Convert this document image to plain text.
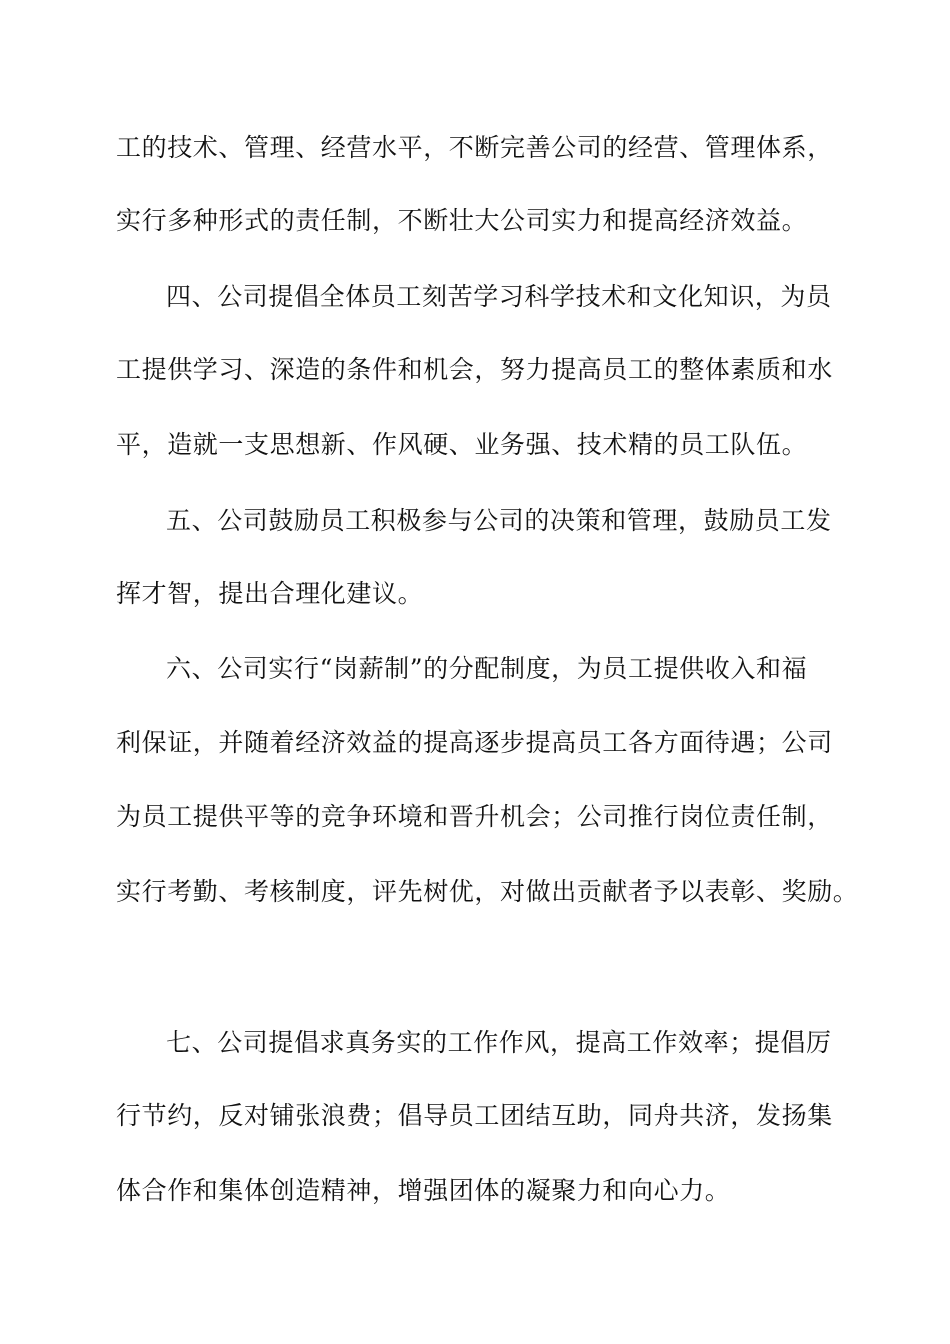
工的技术、管理、经营水平，不断完善公司的经营、管理体系，
实行多种形式的责任制，不断壮大公司实力和提高经济效益。
四、公司提倡全体员工刻苦学习科学技术和文化知识，为员
工提供学习、深造的条件和机会，努力提高员工的整体素质和水
平，造就一支思想新、作风硬、业务强、技术精的员工队伍。
五、公司鼓励员工积极参与公司的决策和管理，鼓励员工发
挥才智，提出合理化建议。
六、公司实行“岗薪制”的分配制度，为员工提供收入和福
利保证，并随着经济效益的提高逐步提高员工各方面待遇；公司
为员工提供平等的竞争环境和晋升机会；公司推行岗位责任制，
实行考勤、考核制度，评先树优，对做出贡献者予以表彰、奖励。
七、公司提倡求真务实的工作作风，提高工作效率；提倡厉
行节约，反对铺张浪费；倡导员工团结互助，同舟共济，发扬集
体合作和集体创造精神，增强团体的凝聚力和向心力。
